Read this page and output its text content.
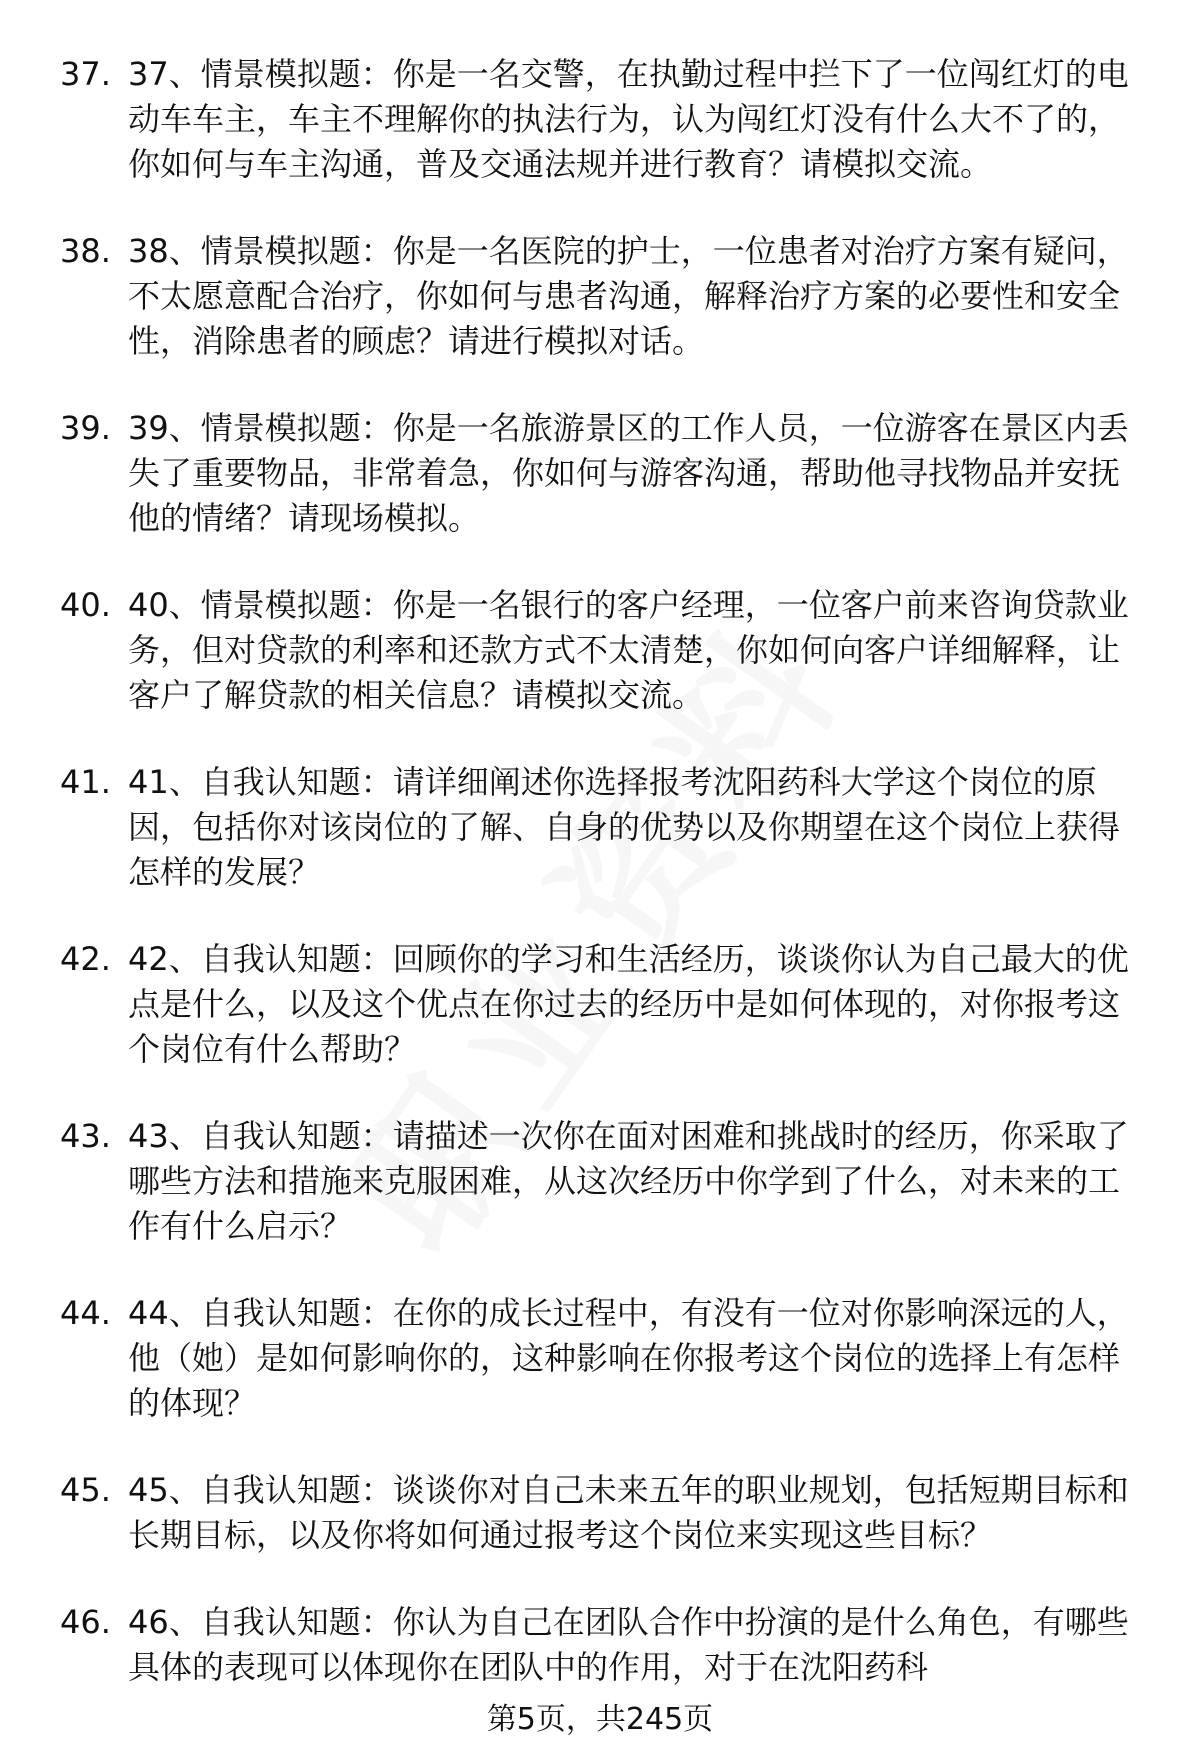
37. 37、情景模拟题：你是一名交警，在执勤过程中拦下了一位闯红灯的电动车车主，车主不理解你的执法行为，认为闯红灯没有什么大不了的，你如何与车主沟通，普及交通法规并进行教育？请模拟交流。
38. 38、情景模拟题：你是一名医院的护士，一位患者对治疗方案有疑问，不太愿意配合治疗，你如何与患者沟通，解释治疗方案的必要性和安全性，消除患者的顾虑？请进行模拟对话。
39. 39、情景模拟题：你是一名旅游景区的工作人员，一位游客在景区内丢失了重要物品，非常着急，你如何与游客沟通，帮助他寻找物品并安抚他的情绪？请现场模拟。
40. 40、情景模拟题：你是一名银行的客户经理，一位客户前来咨询贷款业务，但对贷款的利率和还款方式不太清楚，你如何向客户详细解释，让客户了解贷款的相关信息？请模拟交流。
41. 41、自我认知题：请详细阐述你选择报考沈阳药科大学这个岗位的原因，包括你对该岗位的了解、自身的优势以及你期望在这个岗位上获得怎样的发展？
42. 42、自我认知题：回顾你的学习和生活经历，谈谈你认为自己最大的优点是什么，以及这个优点在你过去的经历中是如何体现的，对你报考这个岗位有什么帮助？
43. 43、自我认知题：请描述一次你在面对困难和挑战时的经历，你采取了哪些方法和措施来克服困难，从这次经历中你学到了什么，对未来的工作有什么启示？
44. 44、自我认知题：在你的成长过程中，有没有一位对你影响深远的人，他（她）是如何影响你的，这种影响在你报考这个岗位的选择上有怎样的体现？
45. 45、自我认知题：谈谈你对自己未来五年的职业规划，包括短期目标和长期目标，以及你将如何通过报考这个岗位来实现这些目标？
46. 46、自我认知题：你认为自己在团队合作中扮演的是什么角色，有哪些具体的表现可以体现你在团队中的作用，对于在沈阳药科
第5页，共245页
